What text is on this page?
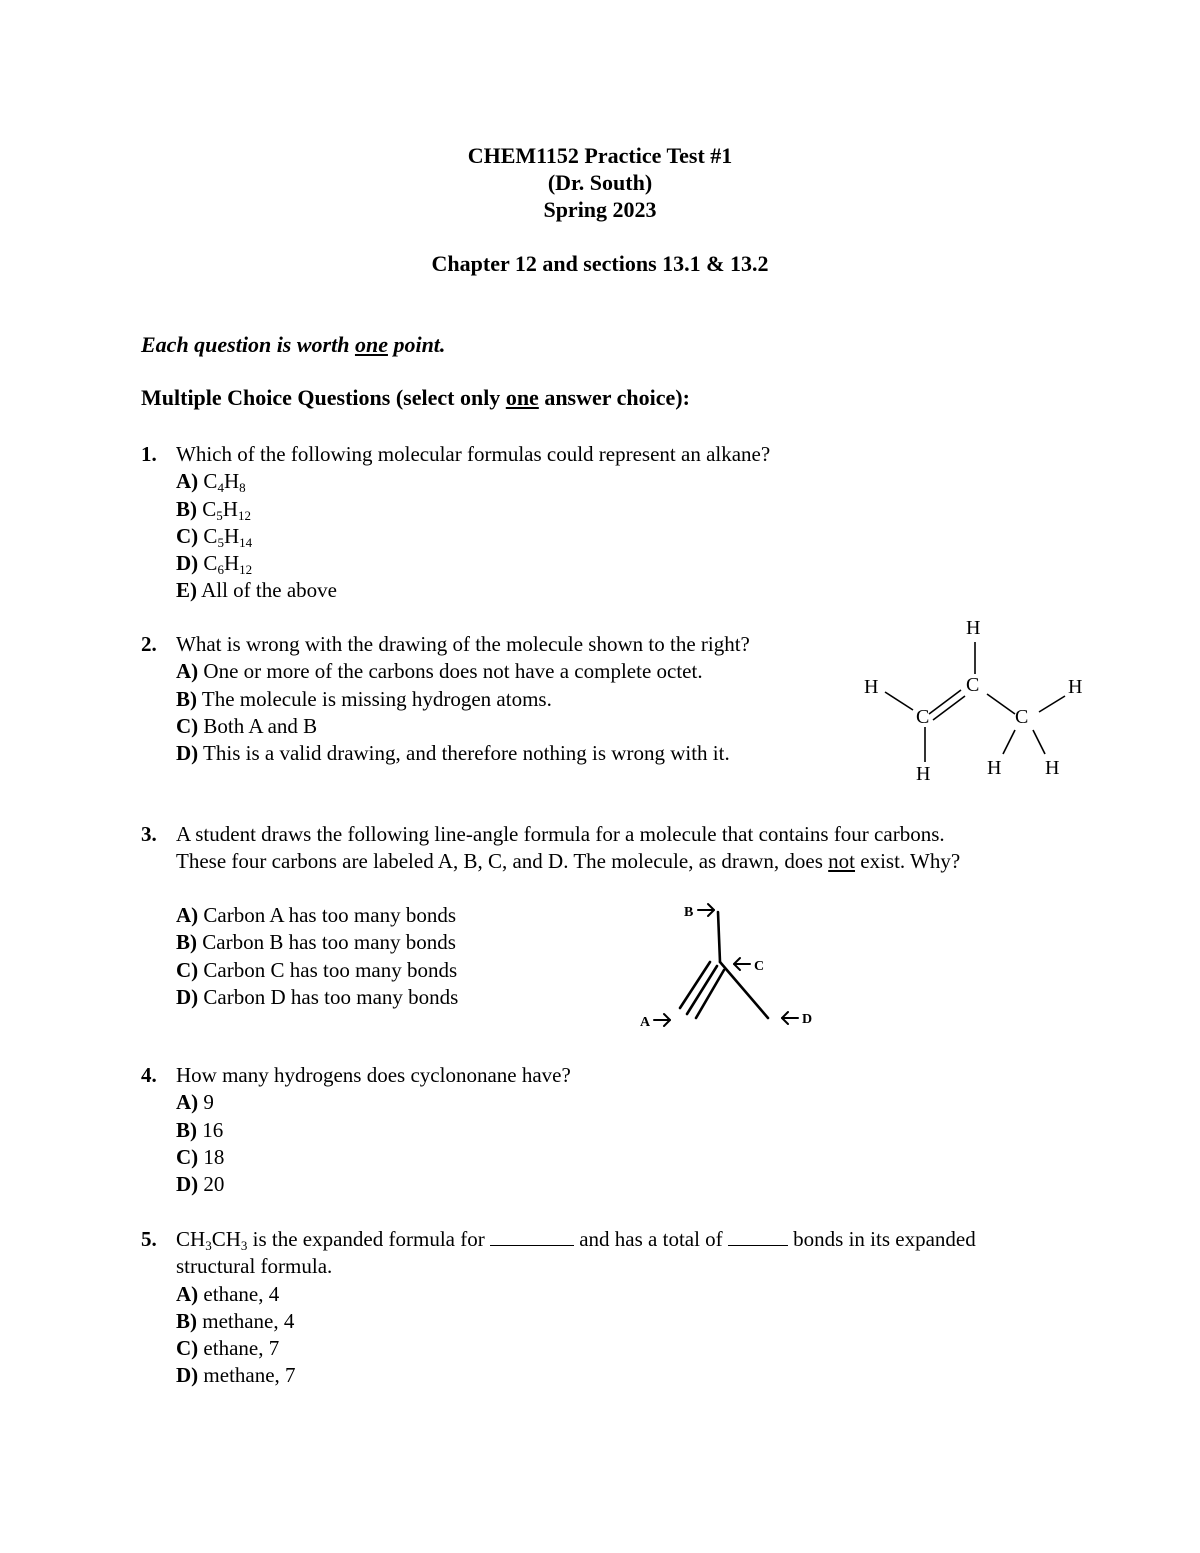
CHEM1152 Practice Test #1
(Dr. South)
Spring 2023
Chapter 12 and sections 13.1 & 13.2
Each question is worth one point.
Multiple Choice Questions (select only one answer choice):
1. Which of the following molecular formulas could represent an alkane?
A) $C_4H_8$
B) $C_5H_{12}$
C) $C_5H_{14}$
D) $C_6H_{12}$
E) All of the above
2. What is wrong with the drawing of the molecule shown to the right?
A) One or more of the carbons does not have a complete octet.
B) The molecule is missing hydrogen atoms.
C) Both A and B
D) This is a valid drawing, and therefore nothing is wrong with it.
H
H	C	H
C	C
H	H H
3. A student draws the following line-angle formula for a molecule that contains four carbons.
These four carbons are labeled A, B, C, and D. The molecule, as drawn, does not exist. Why?
A) Carbon A has too many bonds
B) Carbon B has too many bonds
C) Carbon C has too many bonds
D) Carbon D has too many bonds
B
C
A	D
4. How many hydrogens does cyclononane have?
A) 9
B) 16
C) 18
D) 20
5. $CH_3CH_3$ is the expanded formula for	and has a total of	bonds in its expanded
structural formula.
A) ethane, 4
B) methane, 4
C) ethane, 7
D) methane, 7
